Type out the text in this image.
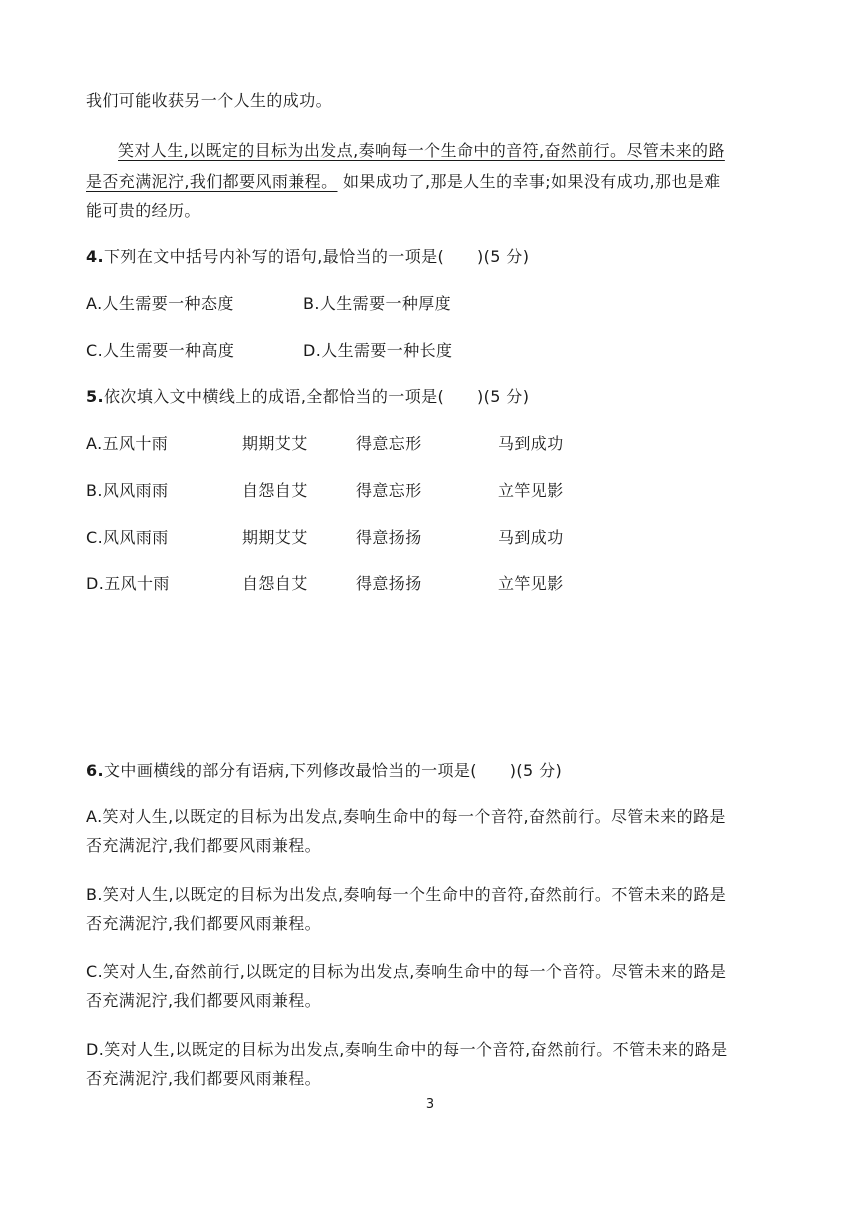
我们可能收获另一个人生的成功。
笑对人生,以既定的目标为出发点,奏响每一个生命中的音符,奋然前行。尽管未来的路
是否充满泥泞,我们都要风雨兼程。 如果成功了,那是人生的幸事;如果没有成功,那也是难
能可贵的经历。
4.下列在文中括号内补写的语句,最恰当的一项是(　　)(5 分)
A.人生需要一种态度	B.人生需要一种厚度
C.人生需要一种高度	D.人生需要一种长度
5.依次填入文中横线上的成语,全都恰当的一项是(　　)(5 分)
A.五风十雨	期期艾艾	得意忘形	马到成功
B.风风雨雨	自怨自艾	得意忘形	立竿见影
C.风风雨雨	期期艾艾	得意扬扬	马到成功
D.五风十雨	自怨自艾	得意扬扬	立竿见影
6.文中画横线的部分有语病,下列修改最恰当的一项是(　　)(5 分)
A.笑对人生,以既定的目标为出发点,奏响生命中的每一个音符,奋然前行。尽管未来的路是
否充满泥泞,我们都要风雨兼程。
B.笑对人生,以既定的目标为出发点,奏响每一个生命中的音符,奋然前行。不管未来的路是
否充满泥泞,我们都要风雨兼程。
C.笑对人生,奋然前行,以既定的目标为出发点,奏响生命中的每一个音符。尽管未来的路是
否充满泥泞,我们都要风雨兼程。
D.笑对人生,以既定的目标为出发点,奏响生命中的每一个音符,奋然前行。不管未来的路是
否充满泥泞,我们都要风雨兼程。
3
